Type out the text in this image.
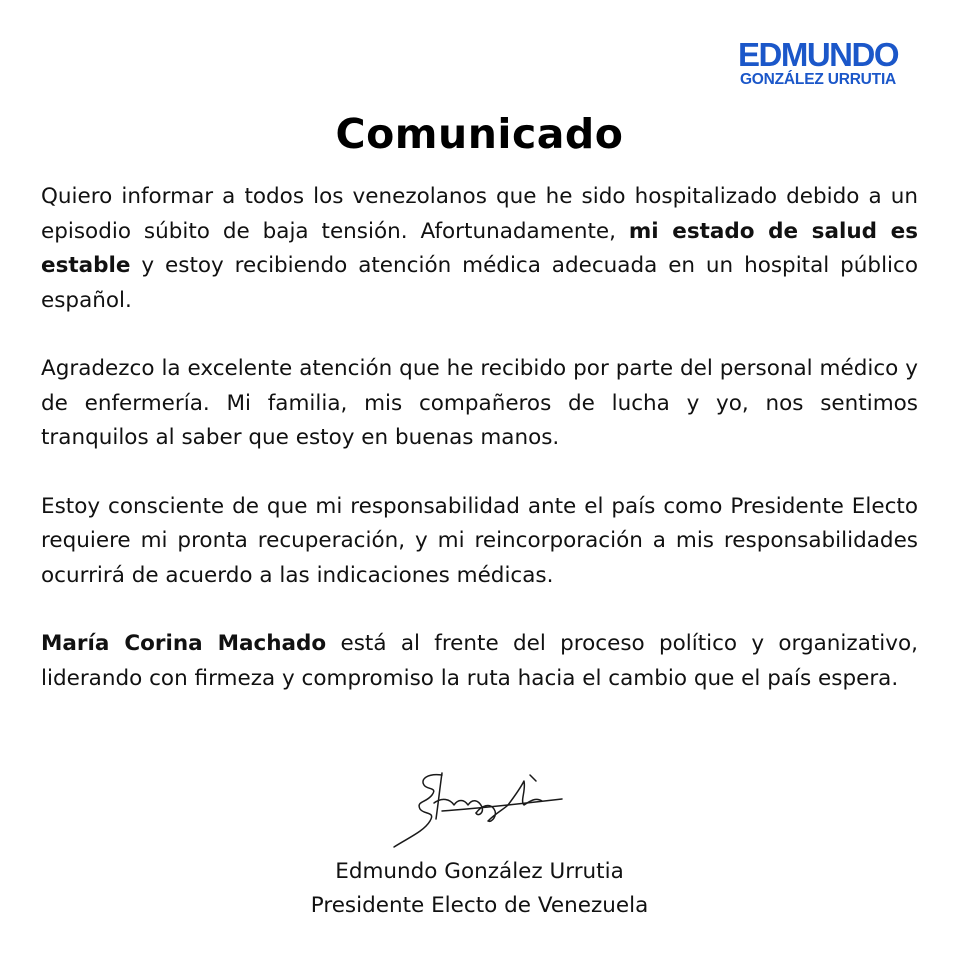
EDMUNDO
GONZÁLEZ URRUTIA
Comunicado

Quiero informar a todos los venezolanos que he sido hospitalizado debido a un episodio súbito de baja tensión. Afortunadamente, mi estado de salud es estable y estoy recibiendo atención médica adecuada en un hospital público español.

Agradezco la excelente atención que he recibido por parte del personal médico y de enfermería. Mi familia, mis compañeros de lucha y yo, nos sentimos tranquilos al saber que estoy en buenas manos.

Estoy consciente de que mi responsabilidad ante el país como Presidente Electo requiere mi pronta recuperación, y mi reincorporación a mis responsabilidades ocurrirá de acuerdo a las indicaciones médicas.

María Corina Machado está al frente del proceso político y organizativo, liderando con firmeza y compromiso la ruta hacia el cambio que el país espera.

Edmundo González Urrutia
Presidente Electo de Venezuela
